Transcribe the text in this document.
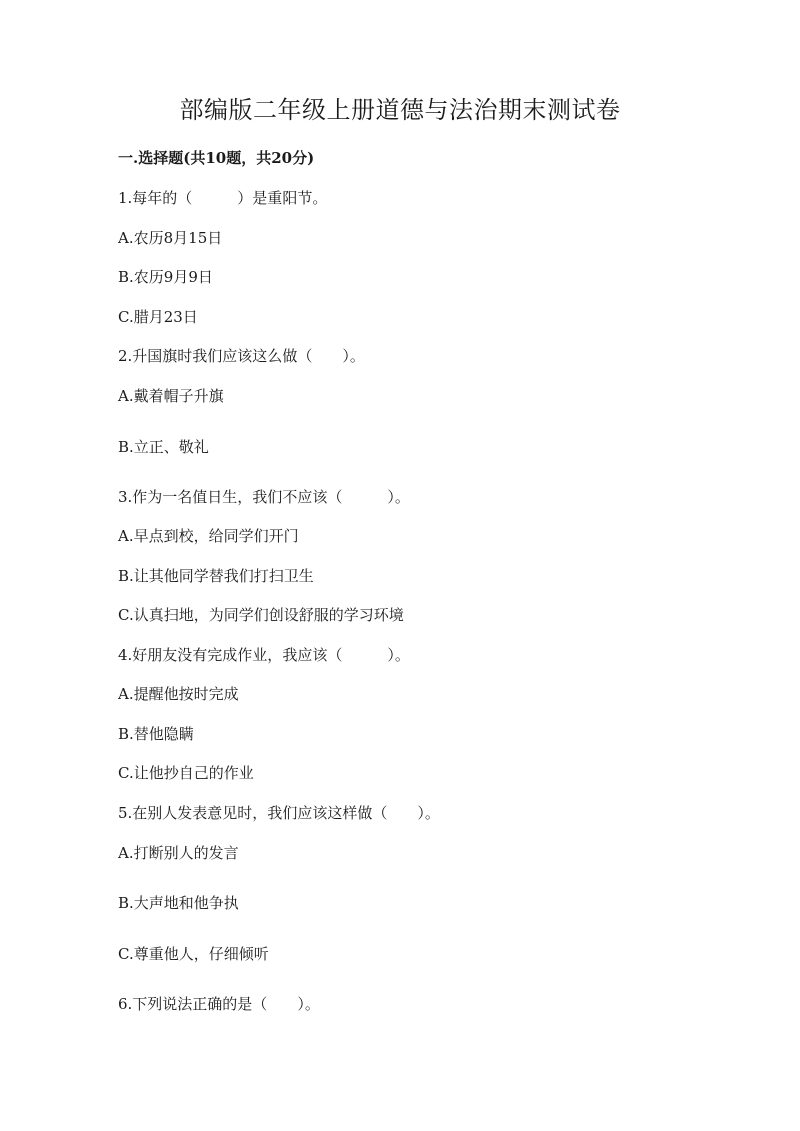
部编版二年级上册道德与法治期末测试卷
一.选择题(共10题，共20分)
1.每年的（　　　）是重阳节。
A.农历8月15日
B.农历9月9日
C.腊月23日
2.升国旗时我们应该这么做（　　）。
A.戴着帽子升旗
B.立正、敬礼
3.作为一名值日生，我们不应该（　　　）。
A.早点到校，给同学们开门
B.让其他同学替我们打扫卫生
C.认真扫地，为同学们创设舒服的学习环境
4.好朋友没有完成作业，我应该（　　　）。
A.提醒他按时完成
B.替他隐瞒
C.让他抄自己的作业
5.在别人发表意见时，我们应该这样做（　　）。
A.打断别人的发言
B.大声地和他争执
C.尊重他人，仔细倾听
6.下列说法正确的是（　　）。
